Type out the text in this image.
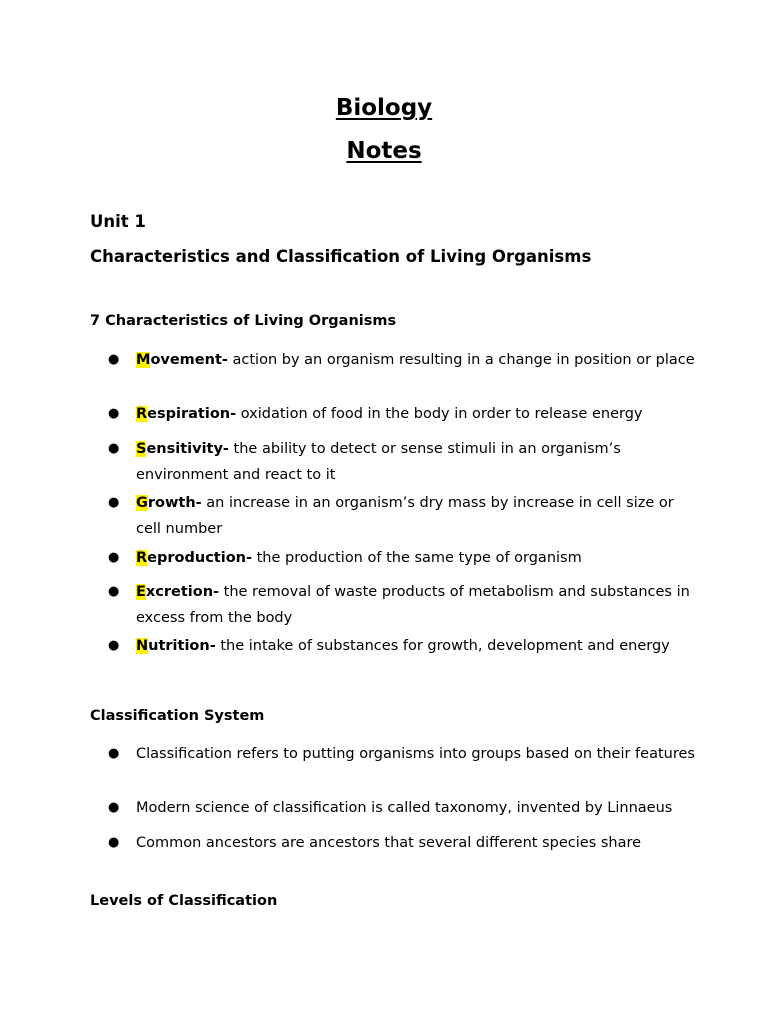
Biology
Notes
Unit 1
Characteristics and Classification of Living Organisms
7 Characteristics of Living Organisms
●	Movement- action by an organism resulting in a change in position or place
●	Respiration- oxidation of food in the body in order to release energy
●	Sensitivity- the ability to detect or sense stimuli in an organism’s environment and react to it
●	Growth- an increase in an organism’s dry mass by increase in cell size or cell number
●	Reproduction- the production of the same type of organism
●	Excretion- the removal of waste products of metabolism and substances in excess from the body
●	Nutrition- the intake of substances for growth, development and energy
Classification System
●	Classification refers to putting organisms into groups based on their features
●	Modern science of classification is called taxonomy, invented by Linnaeus
●	Common ancestors are ancestors that several different species share
Levels of Classification
